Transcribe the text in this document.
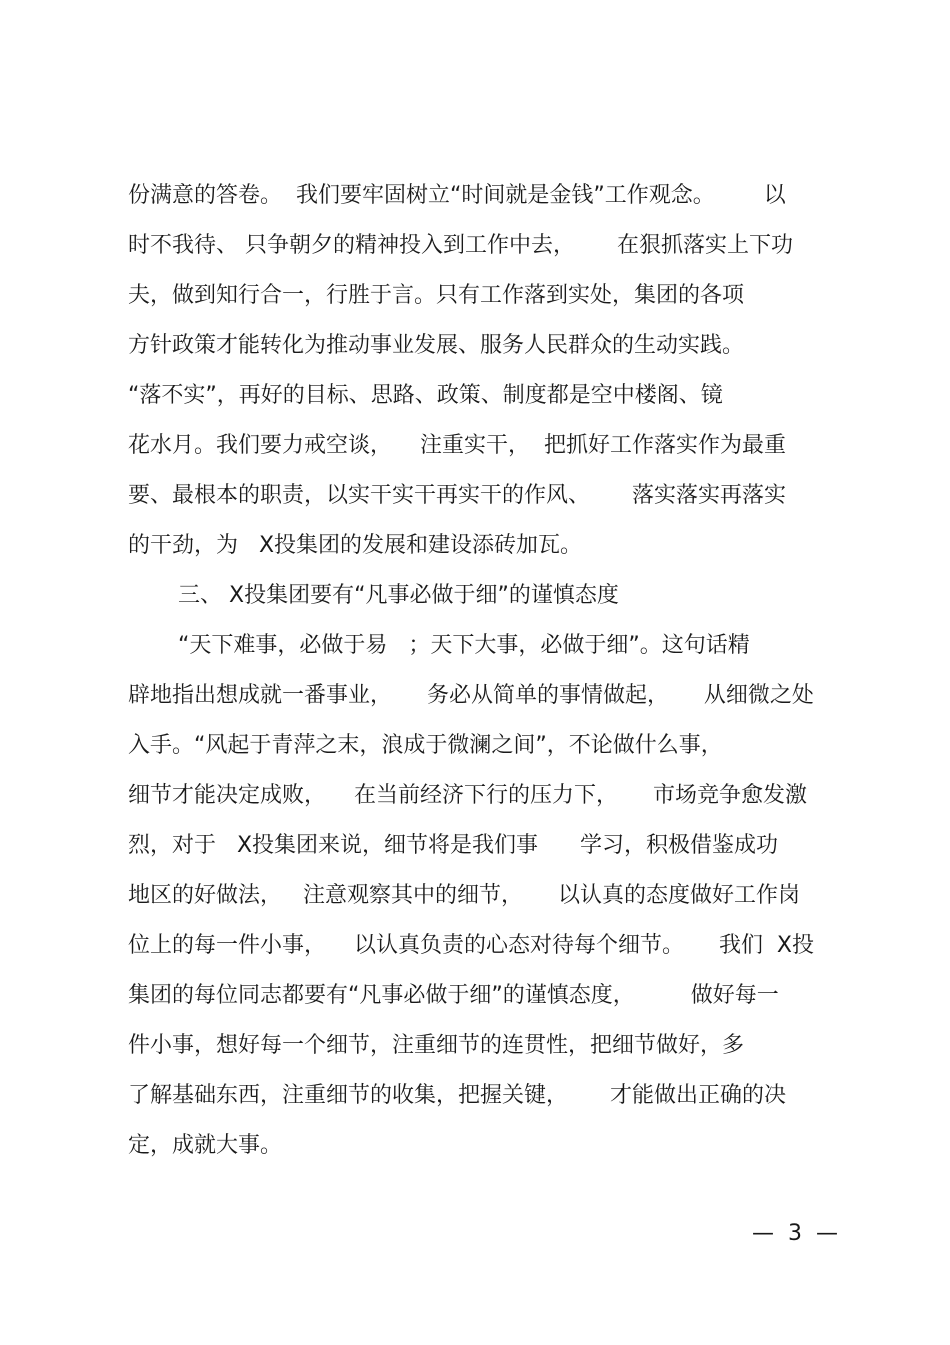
份满意的答卷。  我们要牢固树立“时间就是金钱”工作观念。       以
时不我待、 只争朝夕的精神投入到工作中去，      在狠抓落实上下功
夫，做到知行合一，行胜于言。只有工作落到实处，集团的各项
方针政策才能转化为推动事业发展、服务人民群众的生动实践。
“落不实”，再好的目标、思路、政策、制度都是空中楼阁、镜
花水月。我们要力戒空谈，    注重实干，  把抓好工作落实作为最重
要、最根本的职责，以实干实干再实干的作风、      落实落实再落实
的干劲，为   X投集团的发展和建设添砖加瓦。
三、 X投集团要有“凡事必做于细”的谨慎态度
“天下难事，必做于易   ；天下大事，必做于细”。这句话精
辟地指出想成就一番事业，     务必从简单的事情做起，     从细微之处
入手。“风起于青萍之末，浪成于微澜之间”，不论做什么事，
细节才能决定成败，    在当前经济下行的压力下，     市场竞争愈发激
烈，对于   X投集团来说，细节将是我们事      学习，积极借鉴成功
地区的好做法，   注意观察其中的细节，     以认真的态度做好工作岗
位上的每一件小事，    以认真负责的心态对待每个细节。     我们  X投
集团的每位同志都要有“凡事必做于细”的谨慎态度，        做好每一
件小事，想好每一个细节，注重细节的连贯性，把细节做好，多
了解基础东西，注重细节的收集，把握关键，      才能做出正确的决
定，成就大事。
—  3  —
